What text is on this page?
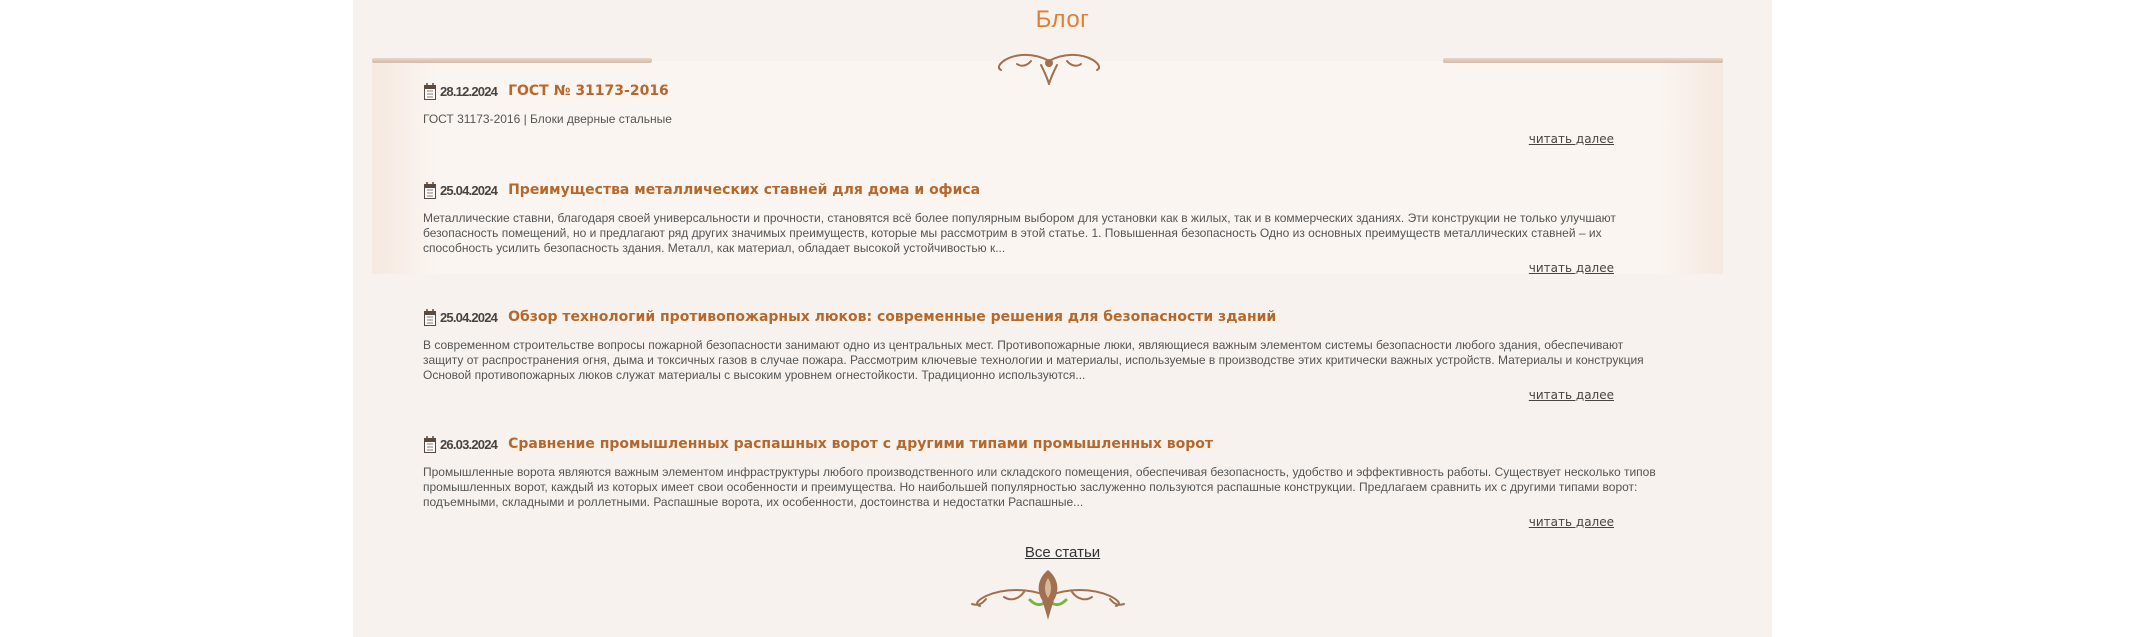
Блог
28.12.2024 ГОСТ № 31173-2016
ГОСТ 31173-2016 | Блоки дверные стальные
читать далее
25.04.2024 Преимущества металлических ставней для дома и офиса
Металлические ставни, благодаря своей универсальности и прочности, становятся всё более популярным выбором для установки как в жилых, так и в коммерческих зданиях. Эти конструкции не только улучшают
безопасность помещений, но и предлагают ряд других значимых преимуществ, которые мы рассмотрим в этой статье. 1. Повышенная безопасность Одно из основных преимуществ металлических ставней – их
способность усилить безопасность здания. Металл, как материал, обладает высокой устойчивостью к...
читать далее
25.04.2024 Обзор технологий противопожарных люков: современные решения для безопасности зданий
В современном строительстве вопросы пожарной безопасности занимают одно из центральных мест. Противопожарные люки, являющиеся важным элементом системы безопасности любого здания, обеспечивают
защиту от распространения огня, дыма и токсичных газов в случае пожара. Рассмотрим ключевые технологии и материалы, используемые в производстве этих критически важных устройств. Материалы и конструкция
Основой противопожарных люков служат материалы с высоким уровнем огнестойкости. Традиционно используются...
читать далее
26.03.2024 Сравнение промышленных распашных ворот с другими типами промышленных ворот
Промышленные ворота являются важным элементом инфраструктуры любого производственного или складского помещения, обеспечивая безопасность, удобство и эффективность работы. Существует несколько типов
промышленных ворот, каждый из которых имеет свои особенности и преимущества. Но наибольшей популярностью заслуженно пользуются распашные конструкции. Предлагаем сравнить их с другими типами ворот:
подъемными, складными и роллетными. Распашные ворота, их особенности, достоинства и недостатки Распашные...
читать далее
Все статьи
